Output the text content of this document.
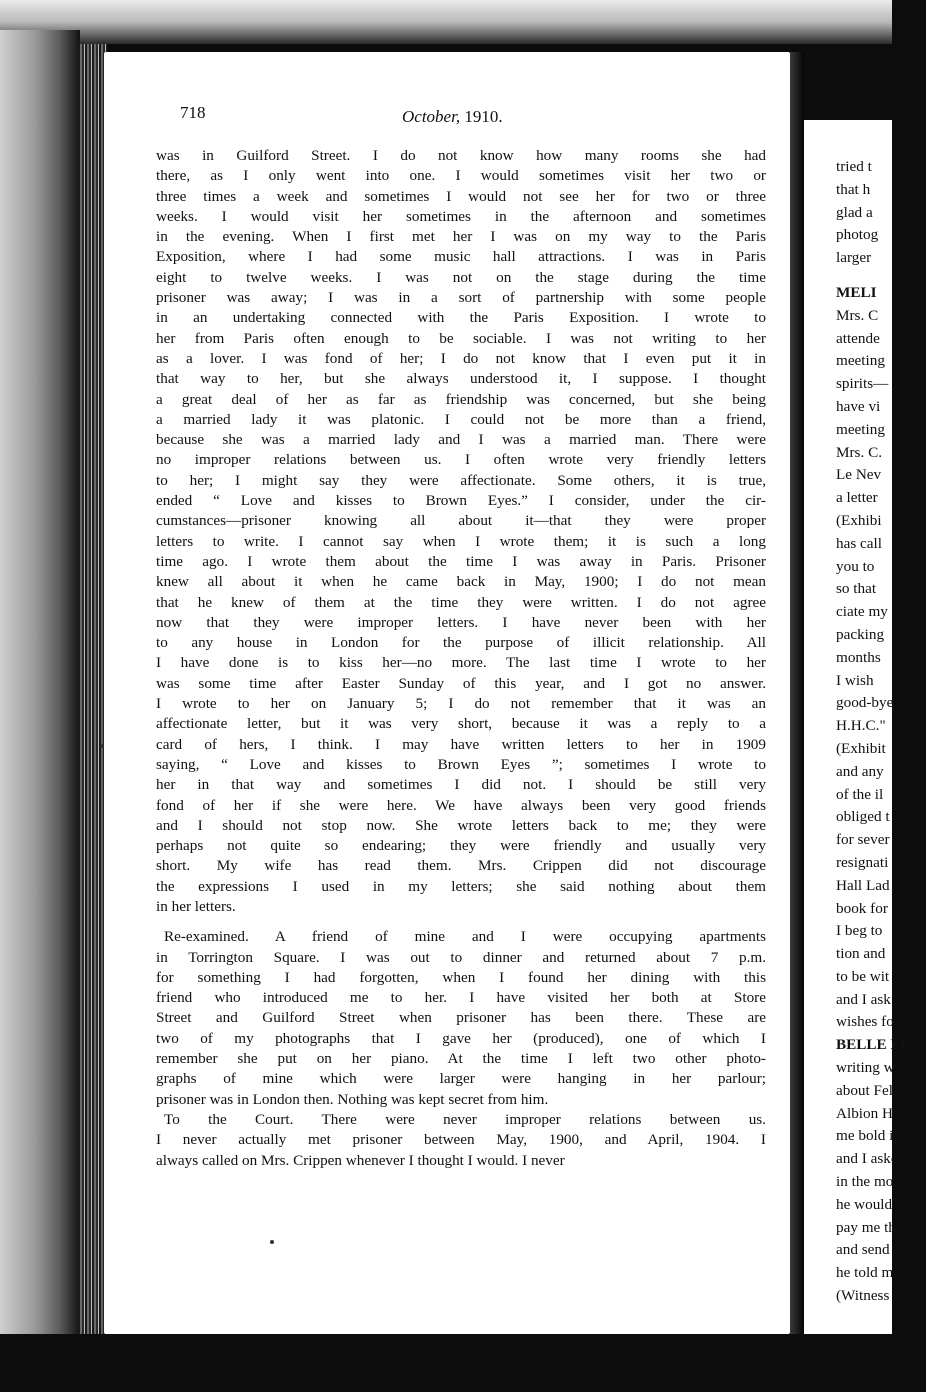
718	October, 1910.
was in Guilford Street. I do not know how many rooms she had
there, as I only went into one. I would sometimes visit her two or
three times a week and sometimes I would not see her for two or three
weeks. I would visit her sometimes in the afternoon and sometimes
in the evening. When I first met her I was on my way to the Paris
Exposition, where I had some music hall attractions. I was in Paris
eight to twelve weeks. I was not on the stage during the time
prisoner was away; I was in a sort of partnership with some people
in an undertaking connected with the Paris Exposition. I wrote to
her from Paris often enough to be sociable. I was not writing to her
as a lover. I was fond of her; I do not know that I even put it in
that way to her, but she always understood it, I suppose. I thought
a great deal of her as far as friendship was concerned, but she being
a married lady it was platonic. I could not be more than a friend,
because she was a married lady and I was a married man. There were
no improper relations between us. I often wrote very friendly letters
to her; I might say they were affectionate. Some others, it is true,
ended “ Love and kisses to Brown Eyes.” I consider, under the cir-
cumstances—prisoner knowing all about it—that they were proper
letters to write. I cannot say when I wrote them; it is such a long
time ago. I wrote them about the time I was away in Paris. Prisoner
knew all about it when he came back in May, 1900; I do not mean
that he knew of them at the time they were written. I do not agree
now that they were improper letters. I have never been with her
to any house in London for the purpose of illicit relationship. All
I have done is to kiss her—no more. The last time I wrote to her
was some time after Easter Sunday of this year, and I got no answer.
I wrote to her on January 5; I do not remember that it was an
affectionate letter, but it was very short, because it was a reply to a
card of hers, I think. I may have written letters to her in 1909
saying, “ Love and kisses to Brown Eyes ”; sometimes I wrote to
her in that way and sometimes I did not. I should be still very
fond of her if she were here. We have always been very good friends
and I should not stop now. She wrote letters back to me; they were
perhaps not quite so endearing; they were friendly and usually very
short. My wife has read them. Mrs. Crippen did not discourage
the expressions I used in my letters; she said nothing about them
in her letters.
Re-examined. A friend of mine and I were occupying apartments
in Torrington Square. I was out to dinner and returned about 7 p.m.
for something I had forgotten, when I found her dining with this
friend who introduced me to her. I have visited her both at Store
Street and Guilford Street when prisoner has been there. These are
two of my photographs that I gave her (produced), one of which I
remember she put on her piano. At the time I left two other photo-
graphs of mine which were larger were hanging in her parlour;
prisoner was in London then. Nothing was kept secret from him.
To the Court. There were never improper relations between us.
I never actually met prisoner between May, 1900, and April, 1904. I
always called on Mrs. Crippen whenever I thought I would. I never
tried t
that h
glad a
photog
larger
MELI
Mrs. C
attende
meeting
spirits—
have vi
meeting
Mrs. C.
Le Nev
a letter
(Exhibi
has call
you to
so that
ciate my
packing
months
I wish
good-bye
H.H.C."
(Exhibit
and any
of the il
obliged t
for sever
resignati
Hall Lad
book for
I beg to
tion and
to be wit
and I ask
wishes fo
BELLE EL
writing w
about Fel
Albion H
me bold i
and I aske
in the mo
he would
pay me th
and send o
he told me
(Witness i
